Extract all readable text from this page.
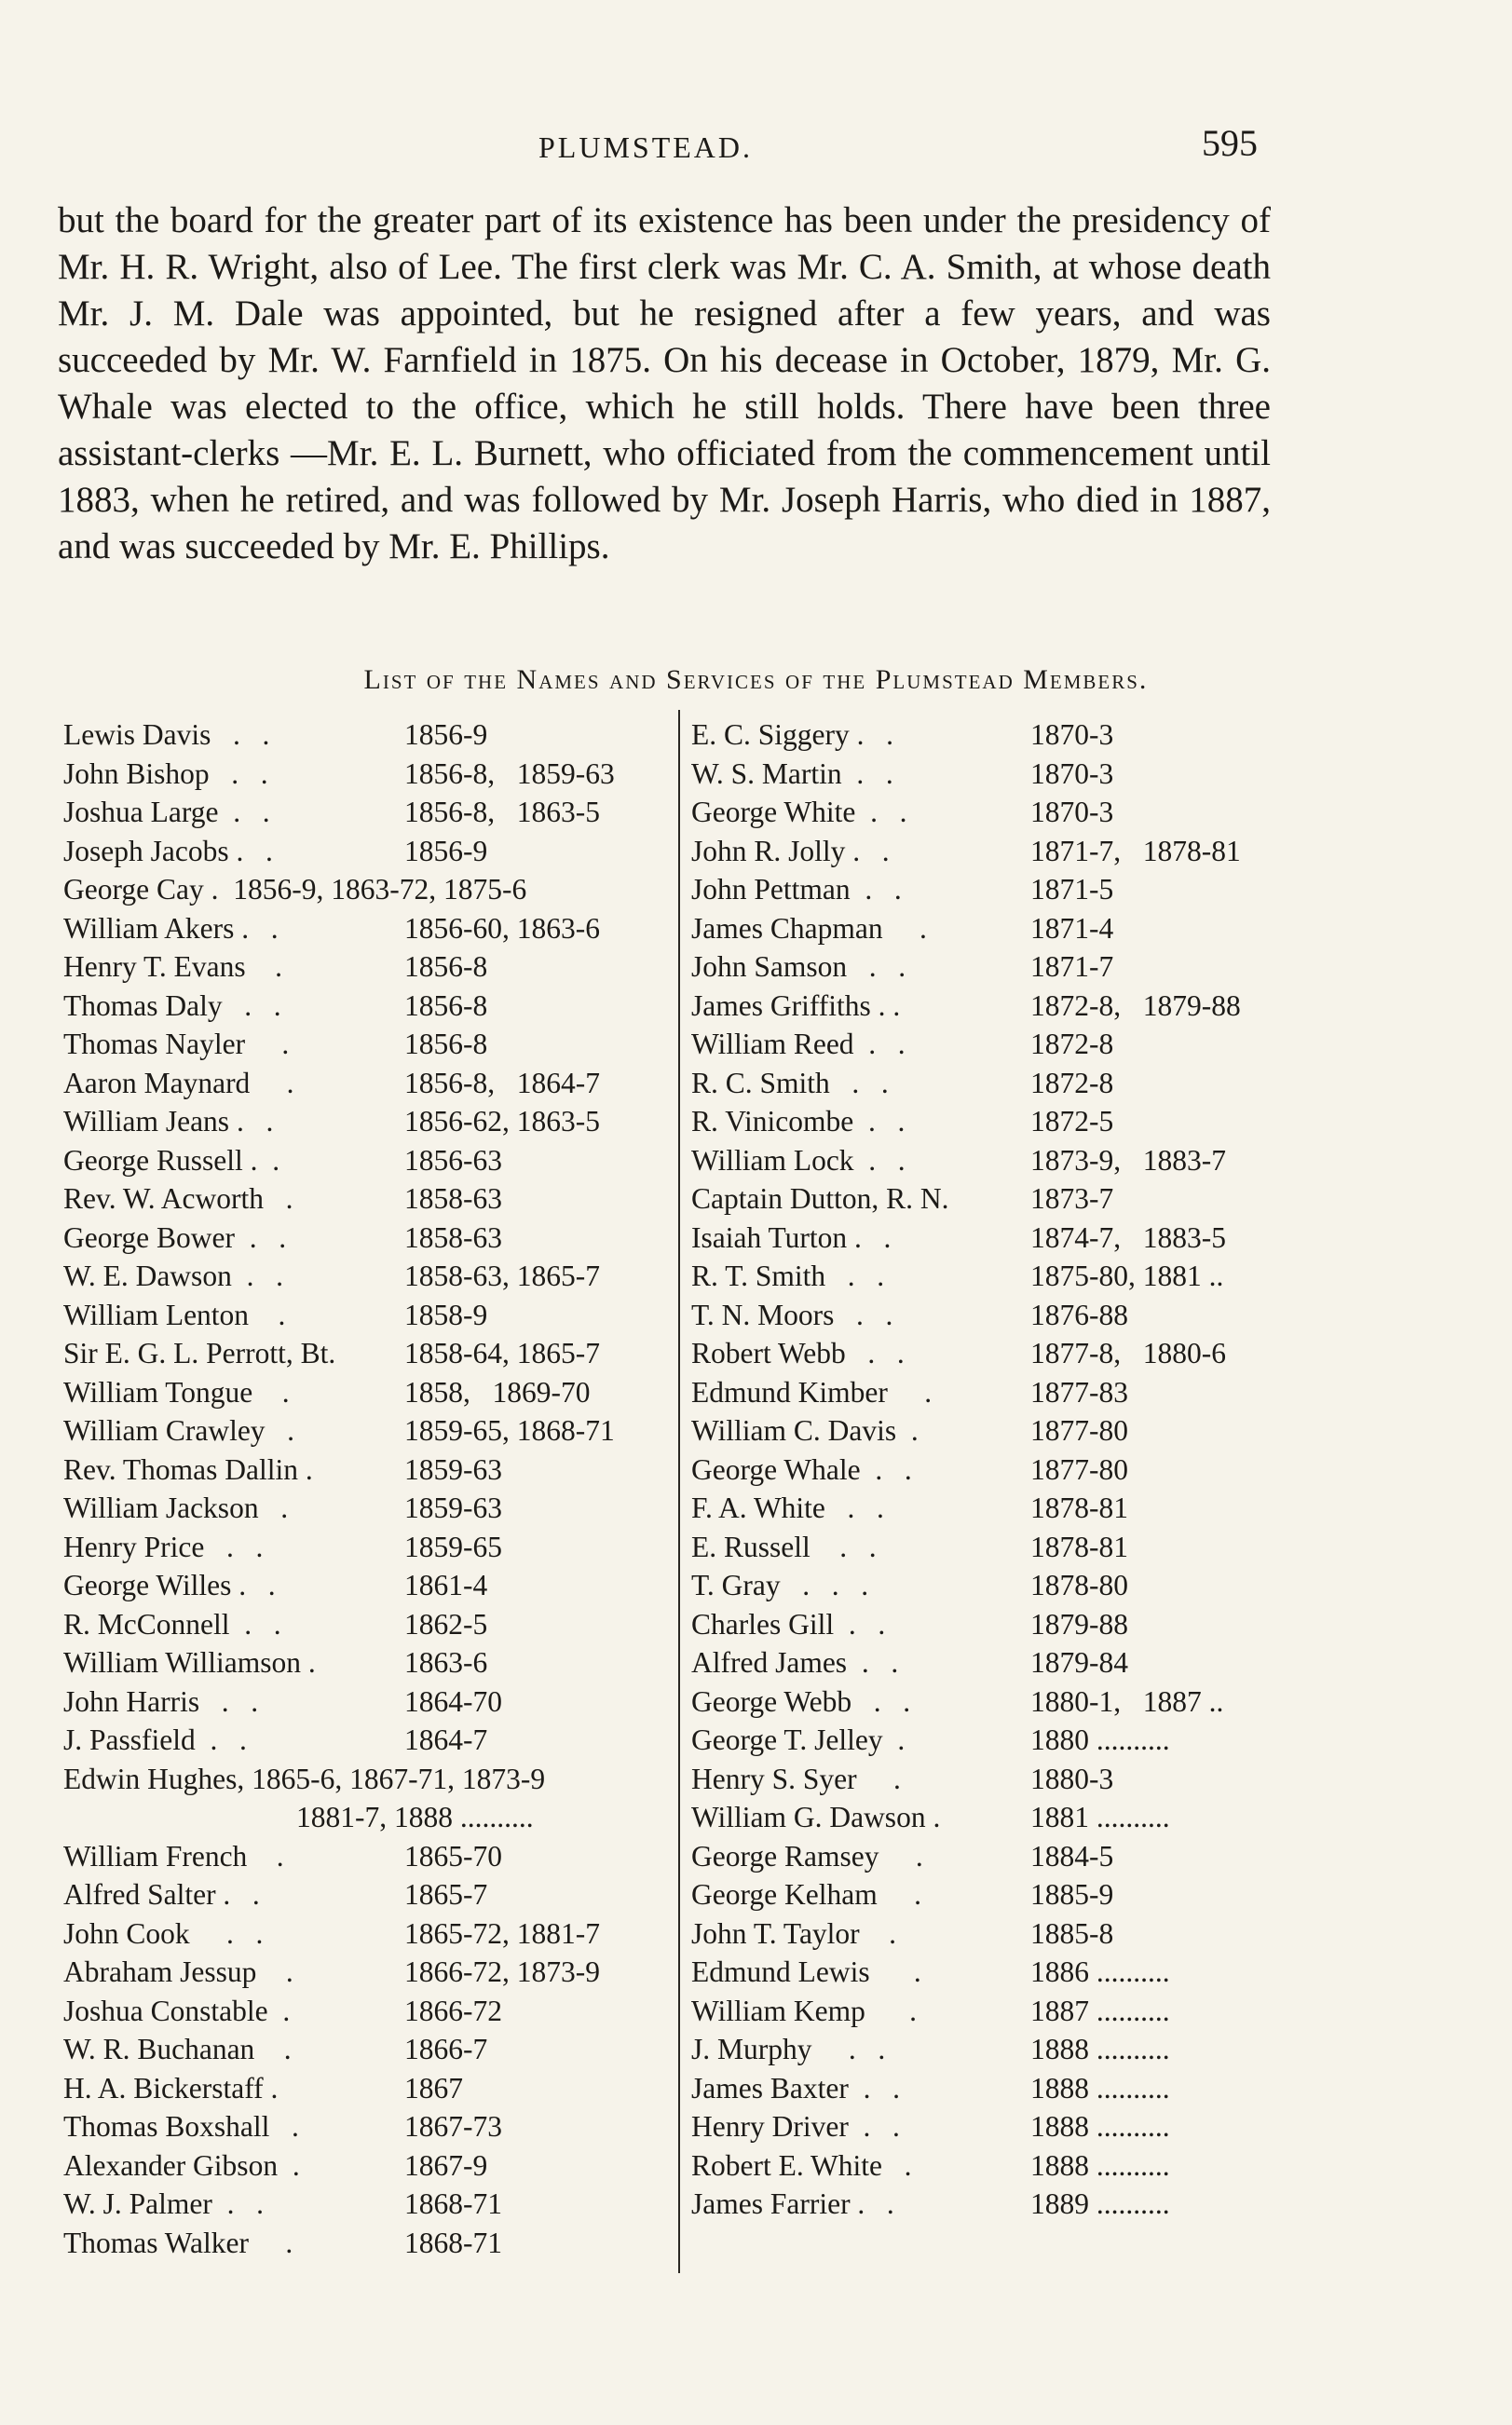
PLUMSTEAD.	595

but the board for the greater part of its existence has been under the presidency of Mr. H. R. Wright, also of Lee. The first clerk was Mr. C. A. Smith, at whose death Mr. J. M. Dale was appointed, but he resigned after a few years, and was succeeded by Mr. W. Farnfield in 1875. On his decease in October, 1879, Mr. G. Whale was elected to the office, which he still holds. There have been three assistant-clerks —Mr. E. L. Burnett, who officiated from the commencement until 1883, when he retired, and was followed by Mr. Joseph Harris, who died in 1887, and was succeeded by Mr. E. Phillips.

List of the Names and Services of the Plumstead Members.
Lewis Davis   .   .	1856-9
John Bishop   .   .	1856-8,   1859-63
Joshua Large  .   .	1856-8,   1863-5
Joseph Jacobs .   .	1856-9
George Cay .  1856-9, 1863-72, 1875-6
William Akers .   .	1856-60, 1863-6
Henry T. Evans    .	1856-8
Thomas Daly   .   .	1856-8
Thomas Nayler     .	1856-8
Aaron Maynard     .	1856-8,   1864-7
William Jeans .   .	1856-62, 1863-5
George Russell .  .	1856-63
Rev. W. Acworth   .	1858-63
George Bower  .   .	1858-63
W. E. Dawson  .   .	1858-63, 1865-7
William Lenton    .	1858-9
Sir E. G. L. Perrott, Bt. 1858-64, 1865-7
William Tongue    .	1858,   1869-70
William Crawley   .	1859-65, 1868-71
Rev. Thomas Dallin .	1859-63
William Jackson   .	1859-63
Henry Price   .   .	1859-65
George Willes .   .	1861-4
R. McConnell  .   .	1862-5
William Williamson .	1863-6
John Harris   .   .	1864-70
J. Passfield  .   .	1864-7
Edwin Hughes, 1865-6, 1867-71, 1873-9
1881-7, 1888 ..........
William French    .	1865-70
Alfred Salter .   .	1865-7
John Cook     .   .	1865-72, 1881-7
Abraham Jessup    .	1866-72, 1873-9
Joshua Constable  .	1866-72
W. R. Buchanan    .	1866-7
H. A. Bickerstaff .	1867
Thomas Boxshall   .	1867-73
Alexander Gibson  .	1867-9
W. J. Palmer  .   .	1868-71
Thomas Walker     .	1868-71
E. C. Siggery .   .	1870-3
W. S. Martin  .   .	1870-3
George White  .   .	1870-3
John R. Jolly .   .	1871-7,   1878-81
John Pettman  .   .	1871-5
James Chapman     .	1871-4
John Samson   .   .	1871-7
James Griffiths . .	1872-8,   1879-88
William Reed  .   .	1872-8
R. C. Smith   .   .	1872-8
R. Vinicombe  .   .	1872-5
William Lock  .   .	1873-9,   1883-7
Captain Dutton, R. N.	1873-7
Isaiah Turton .   .	1874-7,   1883-5
R. T. Smith   .   .	1875-80, 1881 ..
T. N. Moors   .   .	1876-88
Robert Webb   .   .	1877-8,   1880-6
Edmund Kimber     .	1877-83
William C. Davis  .	1877-80
George Whale  .   .	1877-80
F. A. White   .   .	1878-81
E. Russell    .   .	1878-81
T. Gray   .   .   .	1878-80
Charles Gill  .   .	1879-88
Alfred James  .   .	1879-84
George Webb   .   .	1880-1,   1887 ..
George T. Jelley  .	1880 ..........
Henry S. Syer     .	1880-3
William G. Dawson .	1881 ..........
George Ramsey     .	1884-5
George Kelham     .	1885-9
John T. Taylor    .	1885-8
Edmund Lewis      .	1886 ..........
William Kemp      .	1887 ..........
J. Murphy     .   .	1888 ..........
James Baxter  .   .	1888 ..........
Henry Driver  .   .	1888 ..........
Robert E. White   .	1888 ..........
James Farrier .   .	1889 ..........
